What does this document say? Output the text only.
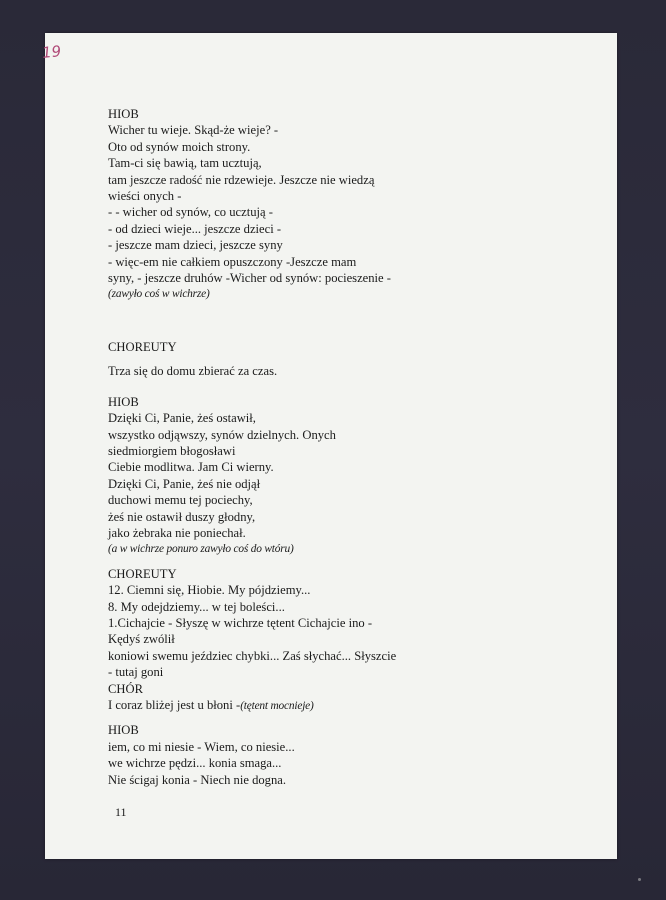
19
HIOB
Wicher tu wieje. Skąd-że wieje? -
Oto od synów moich strony.
Tam-ci się bawią, tam ucztują,
tam jeszcze radość nie rdzewieje. Jeszcze nie wiedzą
wieści onych -
- - wicher od synów, co ucztują -
- od dzieci wieje... jeszcze dzieci -
- jeszcze mam dzieci, jeszcze syny
- więc-em nie całkiem opuszczony -Jeszcze mam
syny, - jeszcze druhów -Wicher od synów: pocieszenie -
(zawyło coś w wichrze)
CHOREUTY
Trza się do domu zbierać za czas.
HIOB
Dzięki Ci, Panie, żeś ostawił,
wszystko odjąwszy, synów dzielnych. Onych
siedmiorgiem błogosławi
Ciebie modlitwa. Jam Ci wierny.
Dzięki Ci, Panie, żeś nie odjął
duchowi memu tej pociechy,
żeś nie ostawił duszy głodny,
jako żebraka nie poniechał.
(a w wichrze ponuro zawyło coś do wtóru)
CHOREUTY
12. Ciemni się, Hiobie. My pójdziemy...
8. My odejdziemy... w tej boleści...
1.Cichajcie - Słyszę w wichrze tętent Cichajcie ino -
Kędyś zwólił
koniowi swemu jeździec chybki... Zaś słychać... Słyszcie
- tutaj goni
CHÓR
I coraz bliżej jest u błoni -(tętent mocnieje)
HIOB
iem, co mi niesie - Wiem, co niesie...
we wichrze pędzi... konia smaga...
Nie ścigaj konia - Niech nie dogna.
11
